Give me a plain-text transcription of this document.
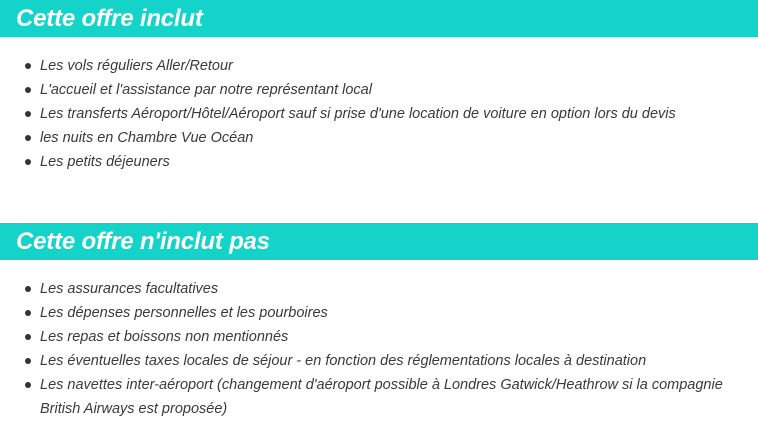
Cette offre inclut
Les vols réguliers Aller/Retour
L'accueil et l'assistance par notre représentant local
Les transferts Aéroport/Hôtel/Aéroport sauf si prise d'une location de voiture en option lors du devis
les nuits en Chambre Vue Océan
Les petits déjeuners
Cette offre n'inclut pas
Les assurances facultatives
Les dépenses personnelles et les pourboires
Les repas et boissons non mentionnés
Les éventuelles taxes locales de séjour - en fonction des réglementations locales à destination
Les navettes inter-aéroport (changement d'aéroport possible à Londres Gatwick/Heathrow si la compagnie British Airways est proposée)
